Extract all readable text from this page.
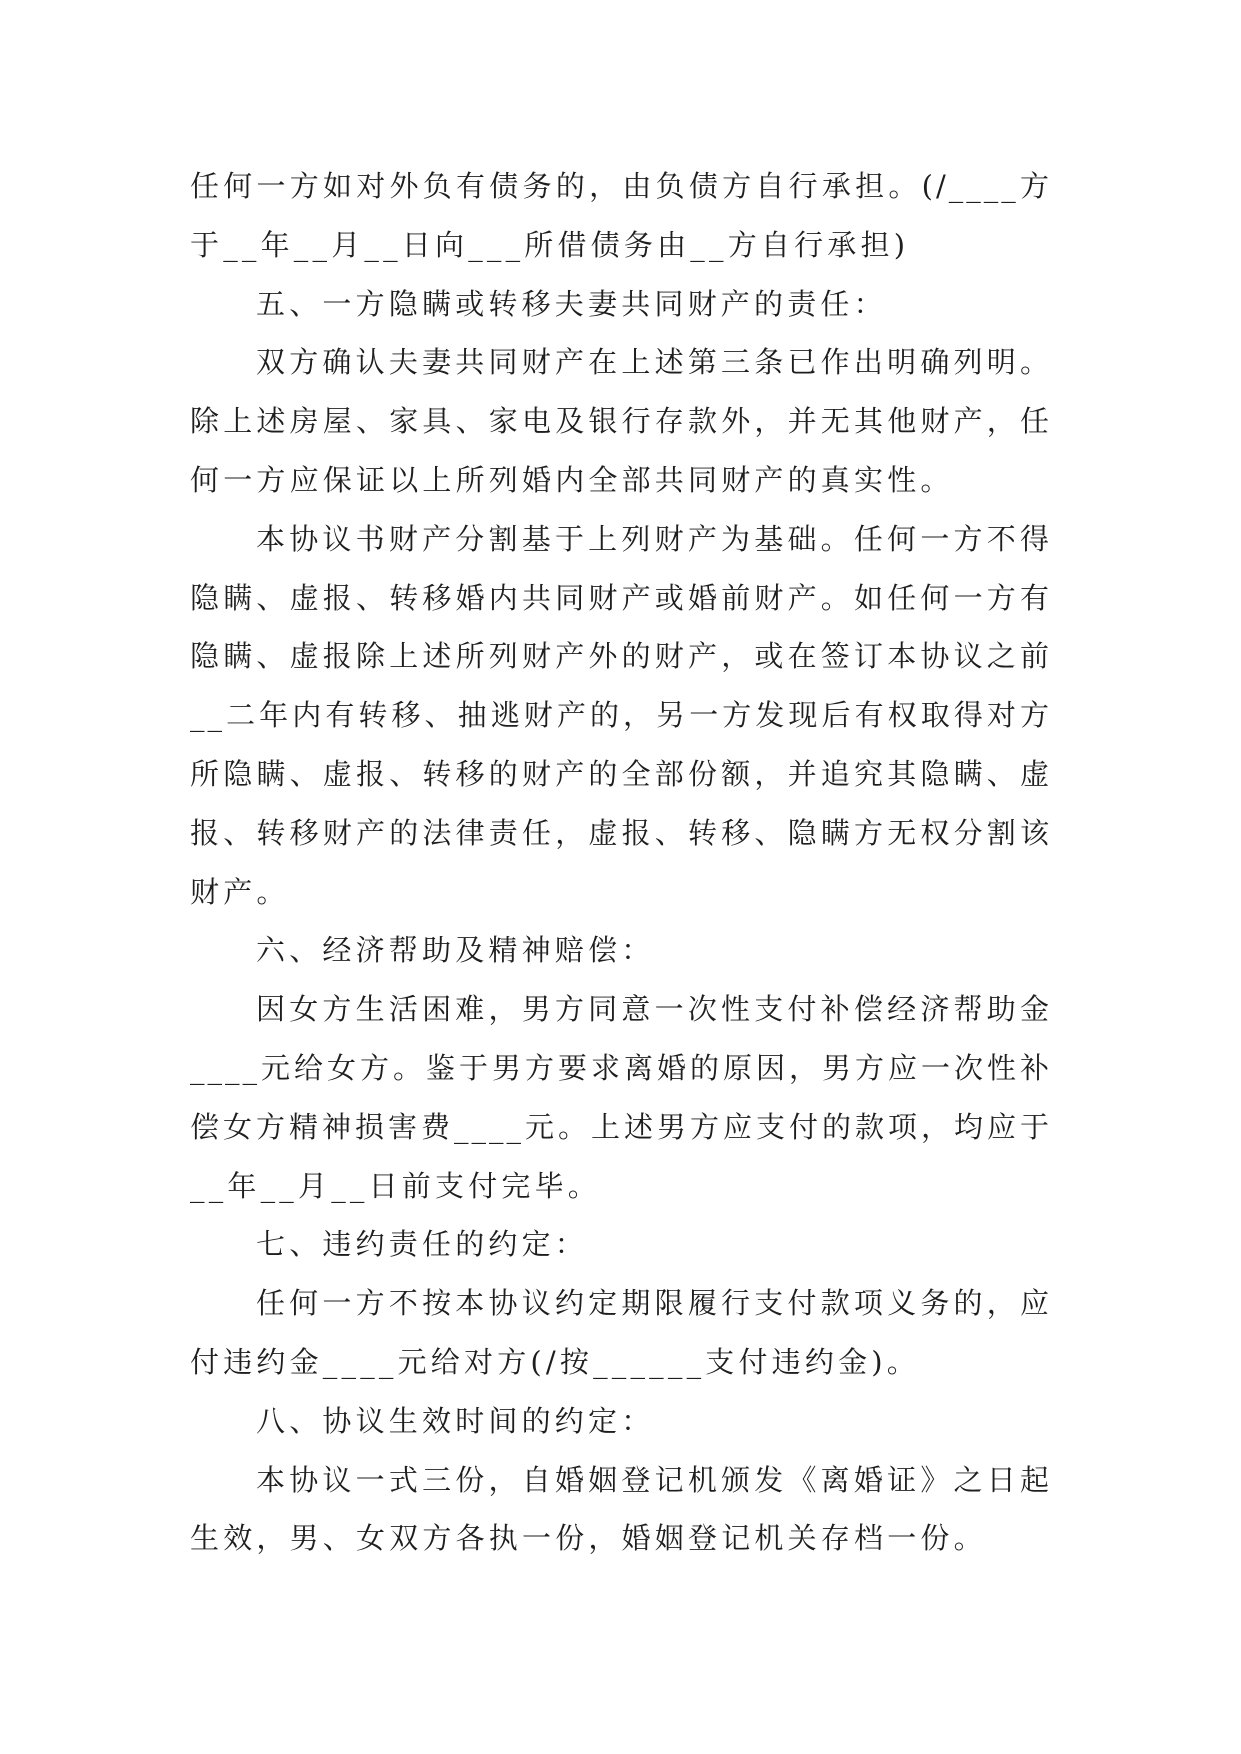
任何一方如对外负有债务的，由负债方自行承担。(/____方
于__年__月__日向___所借债务由__方自行承担)
五、一方隐瞒或转移夫妻共同财产的责任：
双方确认夫妻共同财产在上述第三条已作出明确列明。
除上述房屋、家具、家电及银行存款外，并无其他财产，任
何一方应保证以上所列婚内全部共同财产的真实性。
本协议书财产分割基于上列财产为基础。任何一方不得
隐瞒、虚报、转移婚内共同财产或婚前财产。如任何一方有
隐瞒、虚报除上述所列财产外的财产，或在签订本协议之前
__二年内有转移、抽逃财产的，另一方发现后有权取得对方
所隐瞒、虚报、转移的财产的全部份额，并追究其隐瞒、虚
报、转移财产的法律责任，虚报、转移、隐瞒方无权分割该
财产。
六、经济帮助及精神赔偿：
因女方生活困难，男方同意一次性支付补偿经济帮助金
____元给女方。鉴于男方要求离婚的原因，男方应一次性补
偿女方精神损害费____元。上述男方应支付的款项，均应于
__年__月__日前支付完毕。
七、违约责任的约定：
任何一方不按本协议约定期限履行支付款项义务的，应
付违约金____元给对方(/按______支付违约金)。
八、协议生效时间的约定：
本协议一式三份，自婚姻登记机颁发《离婚证》之日起
生效，男、女双方各执一份，婚姻登记机关存档一份。
